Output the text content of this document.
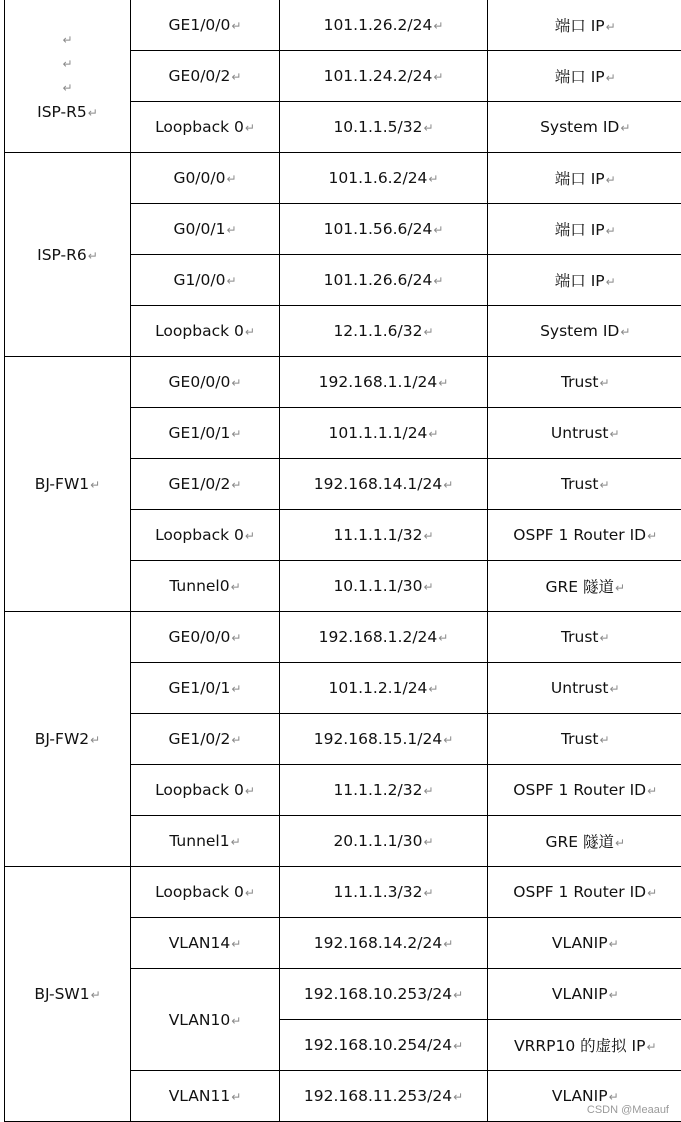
↵
↵
↵
ISP-R5↵	GE1/0/0↵	101.1.26.2/24↵	端口 IP↵
	GE0/0/2↵	101.1.24.2/24↵	端口 IP↵
	Loopback 0↵	10.1.1.5/32↵	System ID↵
ISP-R6↵	G0/0/0↵	101.1.6.2/24↵	端口 IP↵
	G0/0/1↵	101.1.56.6/24↵	端口 IP↵
	G1/0/0↵	101.1.26.6/24↵	端口 IP↵
	Loopback 0↵	12.1.1.6/32↵	System ID↵
BJ-FW1↵	GE0/0/0↵	192.168.1.1/24↵	Trust↵
	GE1/0/1↵	101.1.1.1/24↵	Untrust↵
	GE1/0/2↵	192.168.14.1/24↵	Trust↵
	Loopback 0↵	11.1.1.1/32↵	OSPF 1 Router ID↵
	Tunnel0↵	10.1.1.1/30↵	GRE 隧道↵
BJ-FW2↵	GE0/0/0↵	192.168.1.2/24↵	Trust↵
	GE1/0/1↵	101.1.2.1/24↵	Untrust↵
	GE1/0/2↵	192.168.15.1/24↵	Trust↵
	Loopback 0↵	11.1.1.2/32↵	OSPF 1 Router ID↵
	Tunnel1↵	20.1.1.1/30↵	GRE 隧道↵
BJ-SW1↵	Loopback 0↵	11.1.1.3/32↵	OSPF 1 Router ID↵
	VLAN14↵	192.168.14.2/24↵	VLANIP↵
	VLAN10↵	192.168.10.253/24↵	VLANIP↵
		192.168.10.254/24↵	VRRP10 的虚拟 IP↵
	VLAN11↵	192.168.11.253/24↵	VLANIP↵
CSDN @Meaauf
